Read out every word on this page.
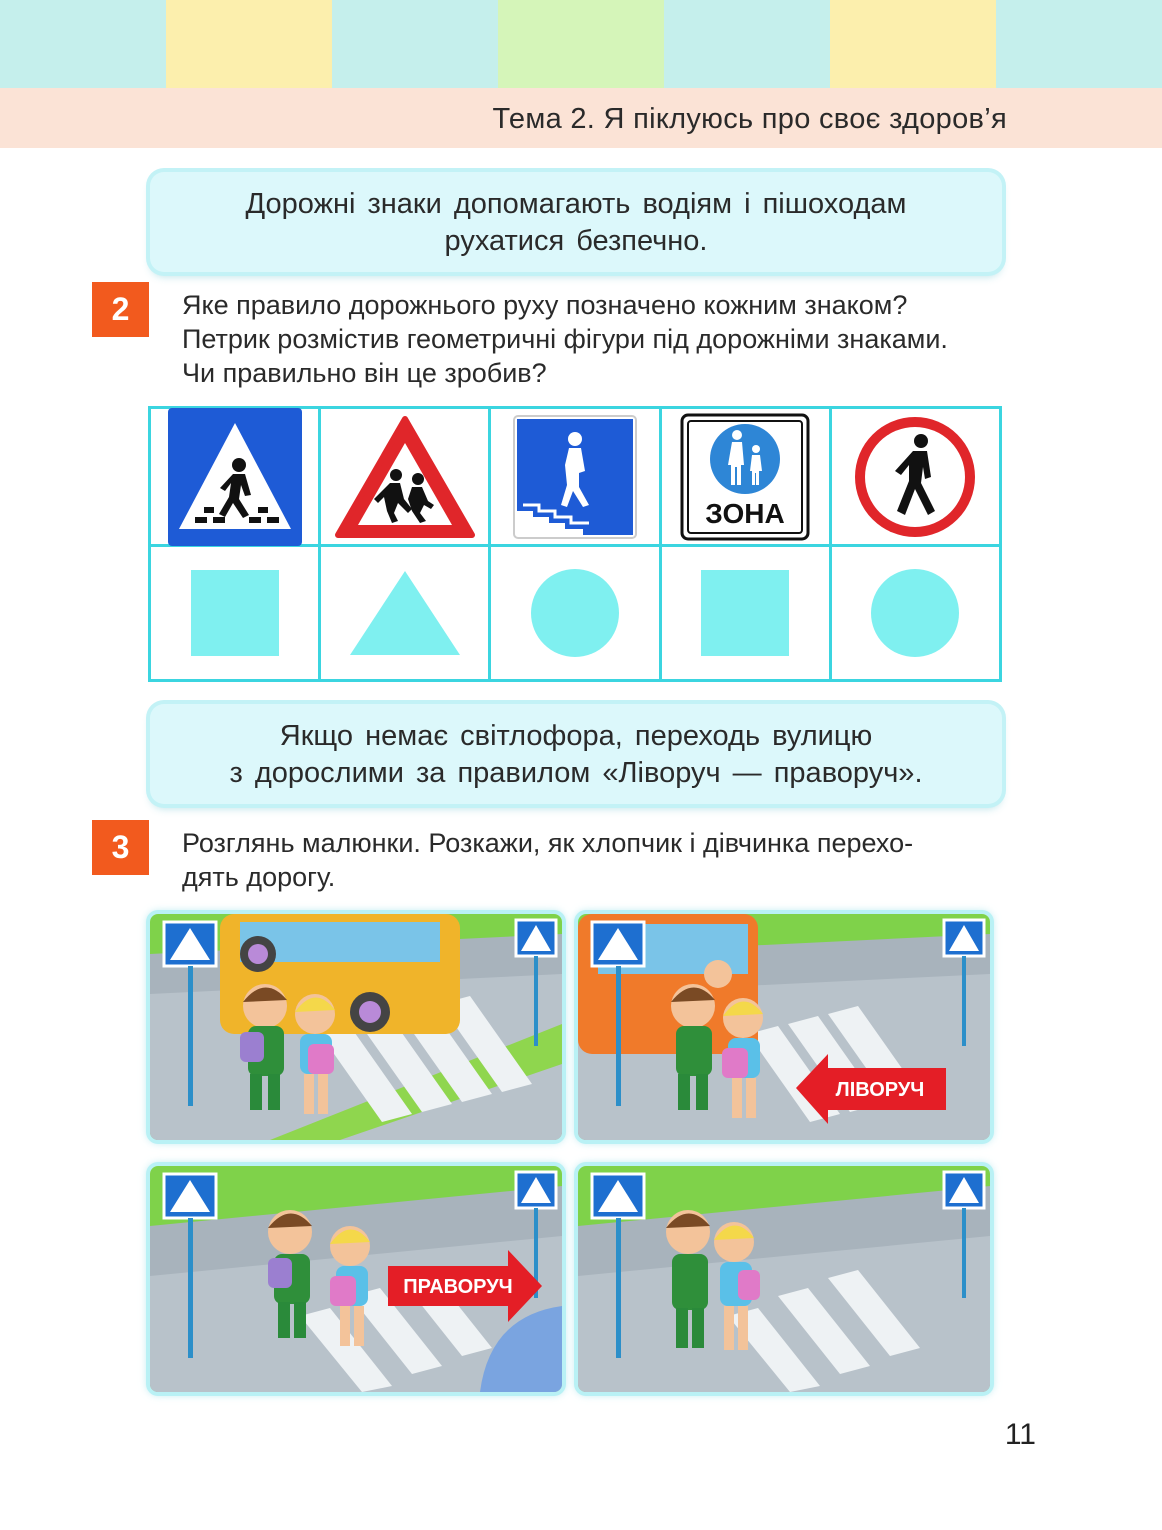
Тема 2. Я піклуюсь про своє здоров’я
Дорожні знаки допомагають водіям і пішоходам
рухатися безпечно.
2	Яке правило дорожнього руху позначено кожним знаком?
Петрик розмістив геометричні фігури під дорожніми знаками.
Чи правильно він це зробив?
ЗОНА
Якщо немає світлофора, переходь вулицю
з дорослими за правилом «Ліворуч — праворуч».
3	Розглянь малюнки. Розкажи, як хлопчик і дівчинка перехо-
дять дорогу.
ЛІВОРУЧ
ПРАВОРУЧ
11
